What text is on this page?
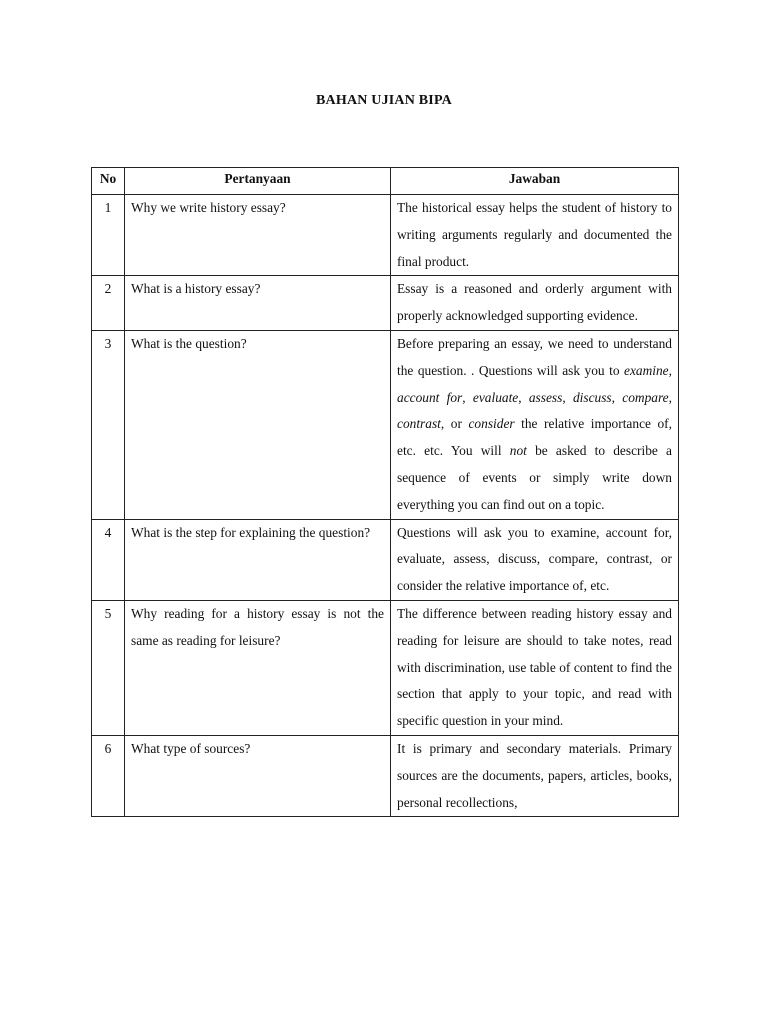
BAHAN UJIAN BIPA
No	Pertanyaan	Jawaban
1	Why we write history essay?	The historical essay helps the student of history to writing arguments regularly and documented the final product.
2	What is a history essay?	Essay is a reasoned and orderly argument with properly acknowledged supporting evidence.
3	What is the question?	Before preparing an essay, we need to understand the question. . Questions will ask you to examine, account for, evaluate, assess, discuss, compare, contrast, or consider the relative importance of, etc. etc. You will not be asked to describe a sequence of events or simply write down everything you can find out on a topic.
4	What is the step for explaining the question?	Questions will ask you to examine, account for, evaluate, assess, discuss, compare, contrast, or consider the relative importance of, etc.
5	Why reading for a history essay is not the same as reading for leisure?	The difference between reading history essay and reading for leisure are should to take notes, read with discrimination, use table of content to find the section that apply to your topic, and read with specific question in your mind.
6	What type of sources?	It is primary and secondary materials. Primary sources are the documents, papers, articles, books, personal recollections,
